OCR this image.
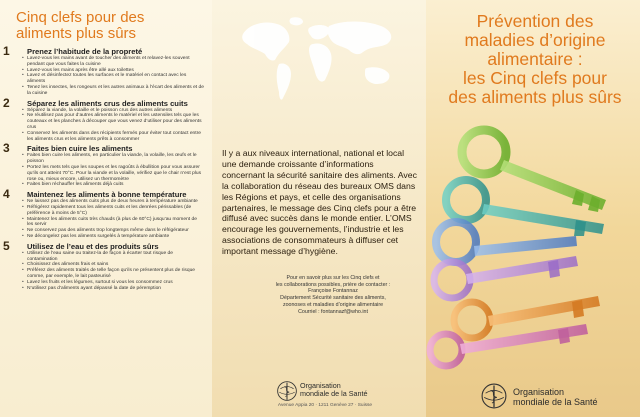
Cinq clefs pour des aliments plus sûrs
1 Prenez l’habitude de la propreté
• Lavez-vous les mains avant de toucher des aliments et relavez-les souvent pendant que vous faites la cuisine
• Lavez-vous les mains après être allé aux toilettes
• Lavez et désinfectez toutes les surfaces et le matériel en contact avec les aliments
• Tenez les insectes, les rongeurs et les autres animaux à l’écart des aliments et de la cuisine
2 Séparez les aliments crus des aliments cuits
• Séparez la viande, la volaille et le poisson crus des autres aliments
• Ne réutilisez pas pour d’autres aliments le matériel et les ustensiles tels que les couteaux et les planches à découper que vous venez d’utiliser pour des aliments crus
• Conservez les aliments dans des récipients fermés pour éviter tout contact entre les aliments crus et les aliments prêts à consommer
3 Faites bien cuire les aliments
• Faites bien cuire les aliments, en particulier la viande, la volaille, les œufs et le poisson
• Portez les mets tels que les soupes et les ragoûts à ébullition pour vous assurer qu’ils ont atteint 70°C. Pour la viande et la volaille, vérifiez que le chair n’est plus rose ou, mieux encore, utilisez un thermomètre
• Faites bien réchauffer les aliments déjà cuits
4 Maintenez les aliments à bonne température
• Ne laissez pas des aliments cuits plus de deux heures à température ambiante
• Réfrigérez rapidement tous les aliments cuits et les denrées périssables (de préférence à moins de 5°C)
• Maintenez les aliments cuits très chauds (à plus de 60°C) jusqu’au moment de les servir
• Ne conservez pas des aliments trop longtemps même dans le réfrigérateur
• Ne décongelez pas les aliments surgelés à température ambiante
5 Utilisez de l’eau et des produits sûrs
• Utilisez de l’eau saine ou traitez-la de façon à écarter tout risque de contamination
• Choisissez des aliments frais et sains
• Préférez des aliments traités de telle façon qu’ils ne présentent plus de risque comme, par exemple, le lait pasteurisé
• Lavez les fruits et les légumes, surtout si vous les consommez crus
• N’utilisez pas d’aliments ayant dépassé la date de péremption
Il y a aux niveaux international, national et local une demande croissante d’informations concernant la sécurité sanitaire des aliments. Avec la collaboration du réseau des bureaux OMS dans les Régions et pays, et celle des organisations partenaires, le message des Cinq clefs pour a être diffusé avec succès dans le monde entier. L’OMS encourage les gouvernements, l’industrie et les associations de consommateurs à diffuser cet important message d’hygiène.
Pour en savoir plus sur les Cinq clefs et
les collaborations possibles, prière de contacter :
Françoise Fontannaz
Département Sécurité sanitaire des aliments,
zoonoses et maladies d’origine alimentaire
Courriel : fontannazf@who.int
Organisation
mondiale de la Santé
Avenue Appia 20 · 1211 Genève 27 · Suisse
Prévention des
maladies d’origine
alimentaire :
les Cinq clefs pour
des aliments plus sûrs
Organisation
mondiale de la Santé
